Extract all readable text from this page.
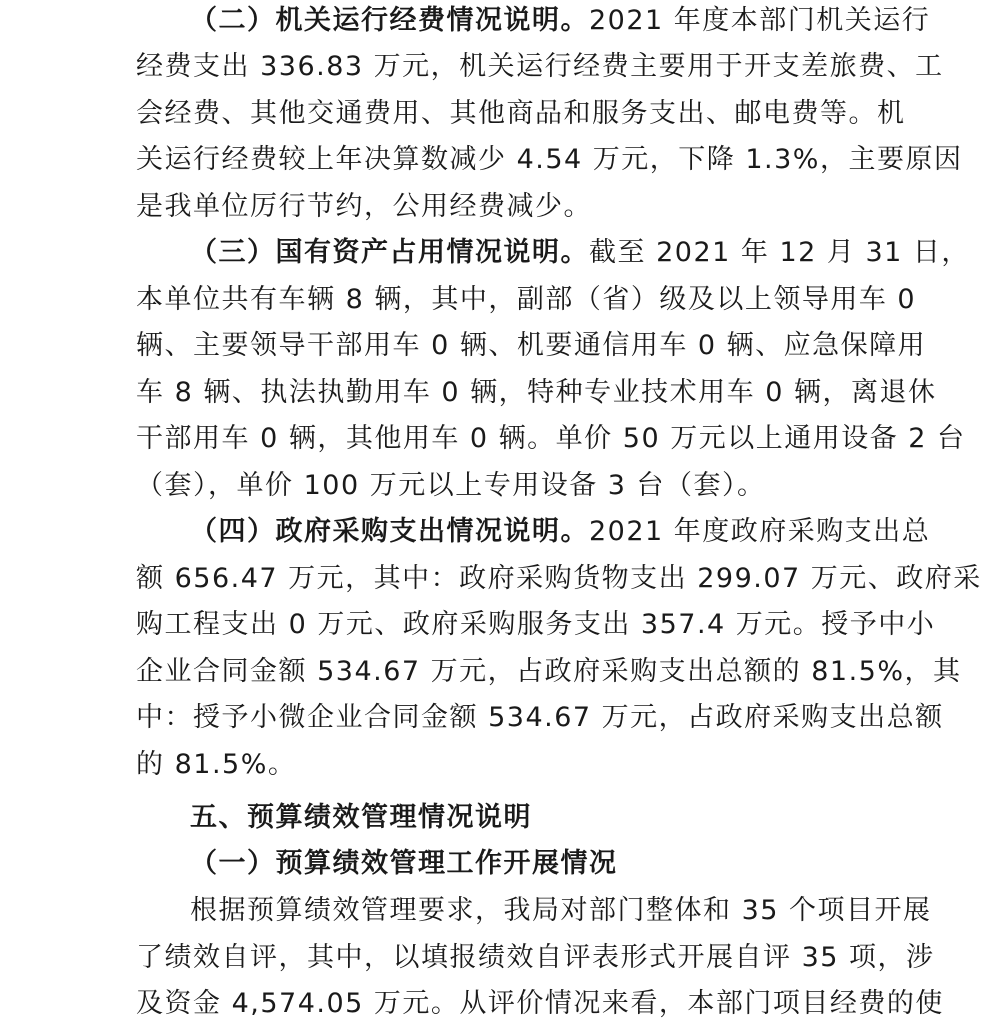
（二）机关运行经费情况说明。2021 年度本部门机关运行
经费支出 336.83 万元，机关运行经费主要用于开支差旅费、工
会经费、其他交通费用、其他商品和服务支出、邮电费等。机
关运行经费较上年决算数减少 4.54 万元，下降 1.3%，主要原因
是我单位厉行节约，公用经费减少。
（三）国有资产占用情况说明。截至 2021 年 12 月 31 日，
本单位共有车辆 8 辆，其中，副部（省）级及以上领导用车 0
辆、主要领导干部用车 0 辆、机要通信用车 0 辆、应急保障用
车 8 辆、执法执勤用车 0 辆，特种专业技术用车 0 辆，离退休
干部用车 0 辆，其他用车 0 辆。单价 50 万元以上通用设备 2 台
（套），单价 100 万元以上专用设备 3 台（套）。
（四）政府采购支出情况说明。2021 年度政府采购支出总
额 656.47 万元，其中：政府采购货物支出 299.07 万元、政府采
购工程支出 0 万元、政府采购服务支出 357.4 万元。授予中小
企业合同金额 534.67 万元，占政府采购支出总额的 81.5%，其
中：授予小微企业合同金额 534.67 万元，占政府采购支出总额
的 81.5%。
五、预算绩效管理情况说明
（一）预算绩效管理工作开展情况
根据预算绩效管理要求，我局对部门整体和 35 个项目开展
了绩效自评，其中，以填报绩效自评表形式开展自评 35 项，涉
及资金 4,574.05 万元。从评价情况来看，本部门项目经费的使
